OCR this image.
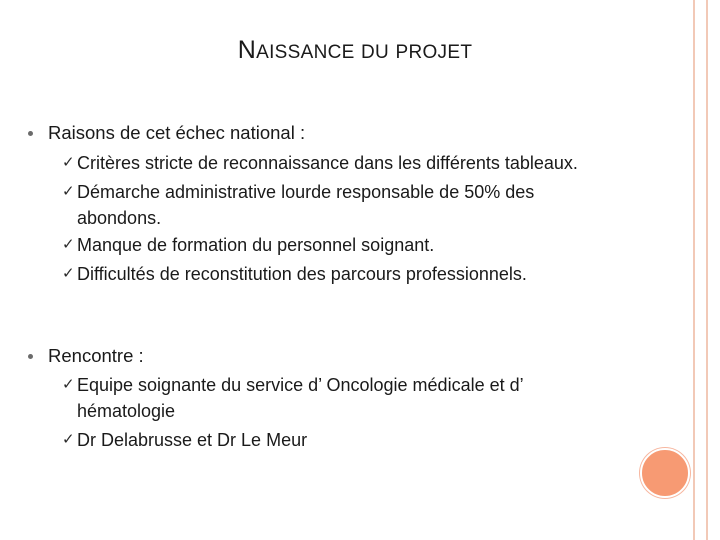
NAISSANCE DU PROJET
Raisons de cet échec national :
✓ Critères stricte de reconnaissance dans les différents tableaux.
✓ Démarche administrative lourde responsable de 50% des
abondons.
✓ Manque de formation du personnel soignant.
✓ Difficultés de reconstitution des parcours professionnels.
Rencontre :
✓ Equipe soignante du service d’ Oncologie médicale et d’
hématologie
✓ Dr Delabrusse et Dr Le Meur
